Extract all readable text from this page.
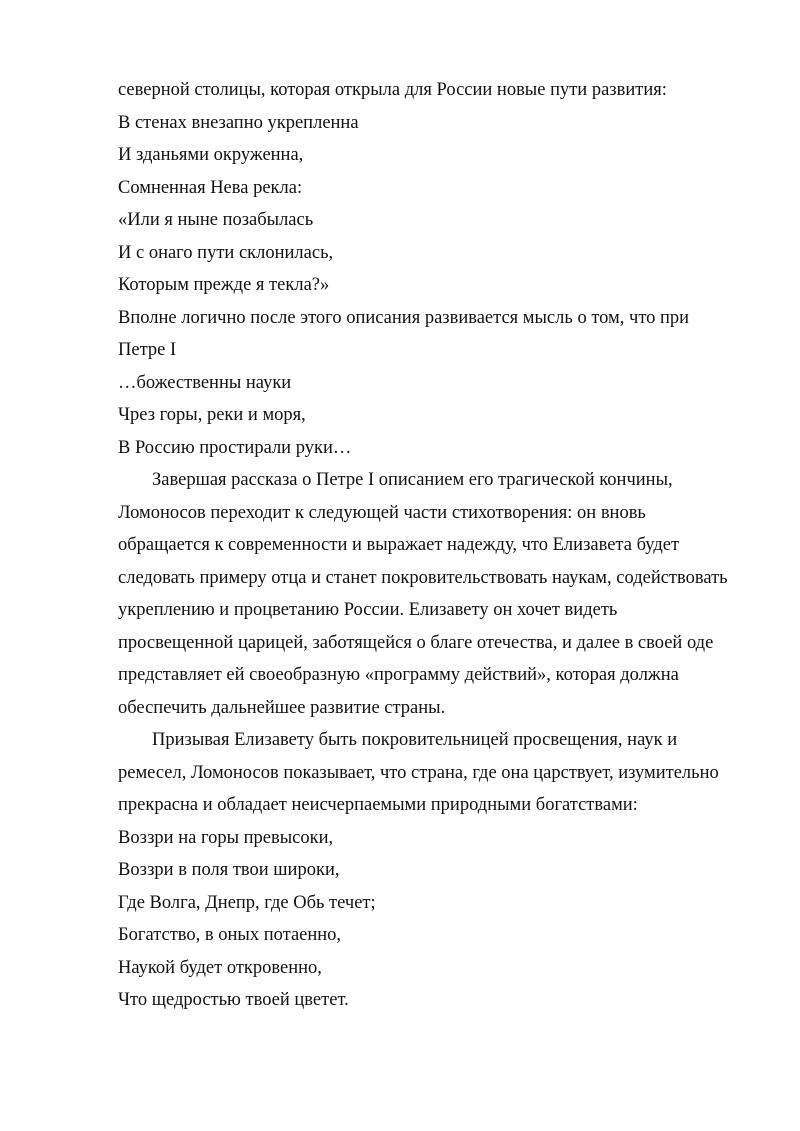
северной столицы, которая открыла для России новые пути развития:

В стенах внезапно укрепленна

И зданьями окруженна,

Сомненная Нева рекла:

«Или я ныне позабылась

И с онаго пути склонилась,

Которым прежде я текла?»

Вполне логично после этого описания развивается мысль о том, что при

Петре I

…божественны науки

Чрез горы, реки и моря,

В Россию простирали руки…

Завершая рассказа о Петре I описанием его трагической кончины,

Ломоносов переходит к следующей части стихотворения: он вновь

обращается к современности и выражает надежду, что Елизавета будет

следовать примеру отца и станет покровительствовать наукам, содействовать

укреплению и процветанию России. Елизавету он хочет видеть

просвещенной царицей, заботящейся о благе отечества, и далее в своей оде

представляет ей своеобразную «программу действий», которая должна

обеспечить дальнейшее развитие страны.

Призывая Елизавету быть покровительницей просвещения, наук и

ремесел, Ломоносов показывает, что страна, где она царствует, изумительно

прекрасна и обладает неисчерпаемыми природными богатствами:

Воззри на горы превысоки,

Воззри в поля твои широки,

Где Волга, Днепр, где Обь течет;

Богатство, в оных потаенно,

Наукой будет откровенно,

Что щедростью твоей цветет.
